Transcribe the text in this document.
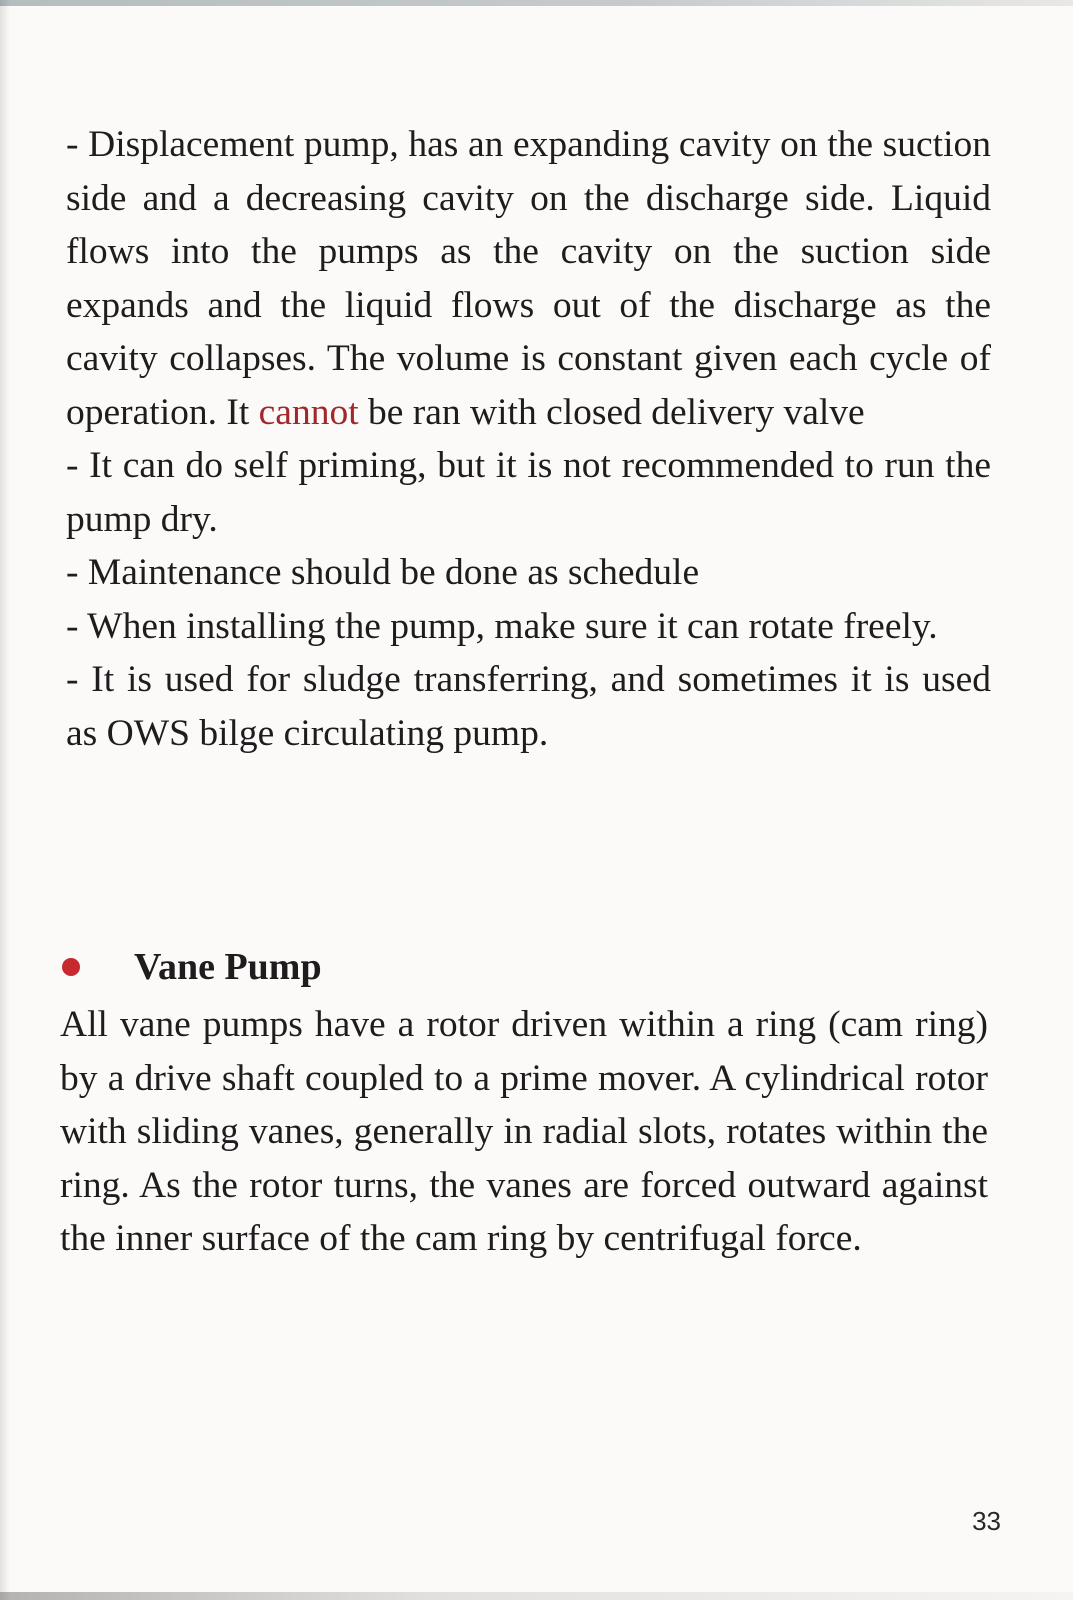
- Displacement pump, has an expanding cavity on the suction side and a decreasing cavity on the discharge side. Liquid flows into the pumps as the cavity on the suction side expands and the liquid flows out of the discharge as the cavity collapses. The volume is constant given each cycle of operation. It cannot be ran with closed delivery valve

- It can do self priming, but it is not recommended to run the pump dry.

- Maintenance should be done as schedule

- When installing the pump, make sure it can rotate freely.

- It is used for sludge transferring, and sometimes it is used as OWS bilge circulating pump.

Vane Pump

All vane pumps have a rotor driven within a ring (cam ring) by a drive shaft coupled to a prime mover. A cylindrical rotor with sliding vanes, generally in radial slots, rotates within the ring. As the rotor turns, the vanes are forced outward against the inner surface of the cam ring by centrifugal force.

33
